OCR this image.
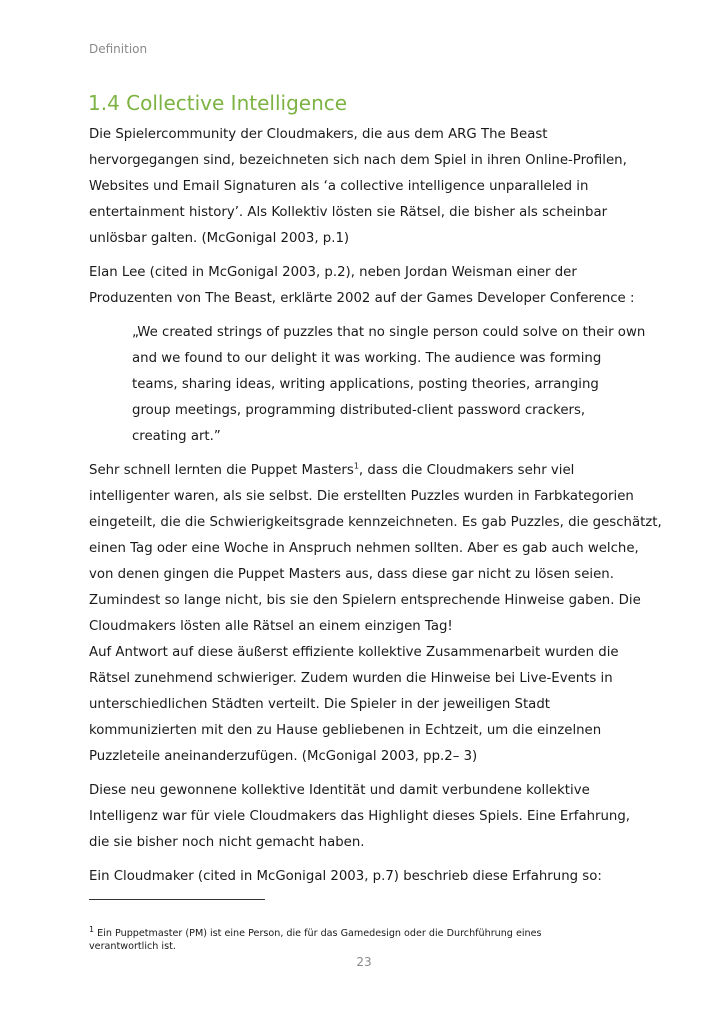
Definition
1.4 Collective Intelligence

Die Spielercommunity der Cloudmakers, die aus dem ARG The Beast
hervorgegangen sind, bezeichneten sich nach dem Spiel in ihren Online-Profilen,
Websites und Email Signaturen als ‘a collective intelligence unparalleled in
entertainment history’. Als Kollektiv lösten sie Rätsel, die bisher als scheinbar
unlösbar galten. (McGonigal 2003, p.1)

Elan Lee (cited in McGonigal 2003, p.2), neben Jordan Weisman einer der
Produzenten von The Beast, erklärte 2002 auf der Games Developer Conference :

„We created strings of puzzles that no single person could solve on their own
and we found to our delight it was working. The audience was forming
teams, sharing ideas, writing applications, posting theories, arranging
group meetings, programming distributed-client password crackers,
creating art.”

Sehr schnell lernten die Puppet Masters$^1$, dass die Cloudmakers sehr viel
intelligenter waren, als sie selbst. Die erstellten Puzzles wurden in Farbkategorien
eingeteilt, die die Schwierigkeitsgrade kennzeichneten. Es gab Puzzles, die geschätzt,
einen Tag oder eine Woche in Anspruch nehmen sollten. Aber es gab auch welche,
von denen gingen die Puppet Masters aus, dass diese gar nicht zu lösen seien.
Zumindest so lange nicht, bis sie den Spielern entsprechende Hinweise gaben. Die
Cloudmakers lösten alle Rätsel an einem einzigen Tag!
Auf Antwort auf diese äußerst effiziente kollektive Zusammenarbeit wurden die
Rätsel zunehmend schwieriger. Zudem wurden die Hinweise bei Live-Events in
unterschiedlichen Städten verteilt. Die Spieler in der jeweiligen Stadt
kommunizierten mit den zu Hause gebliebenen in Echtzeit, um die einzelnen
Puzzleteile aneinanderzufügen. (McGonigal 2003, pp.2– 3)

Diese neu gewonnene kollektive Identität und damit verbundene kollektive
Intelligenz war für viele Cloudmakers das Highlight dieses Spiels. Eine Erfahrung,
die sie bisher noch nicht gemacht haben.

Ein Cloudmaker (cited in McGonigal 2003, p.7) beschrieb diese Erfahrung so:

$^1$ Ein Puppetmaster (PM) ist eine Person, die für das Gamedesign oder die Durchführung eines
verantwortlich ist.
23
